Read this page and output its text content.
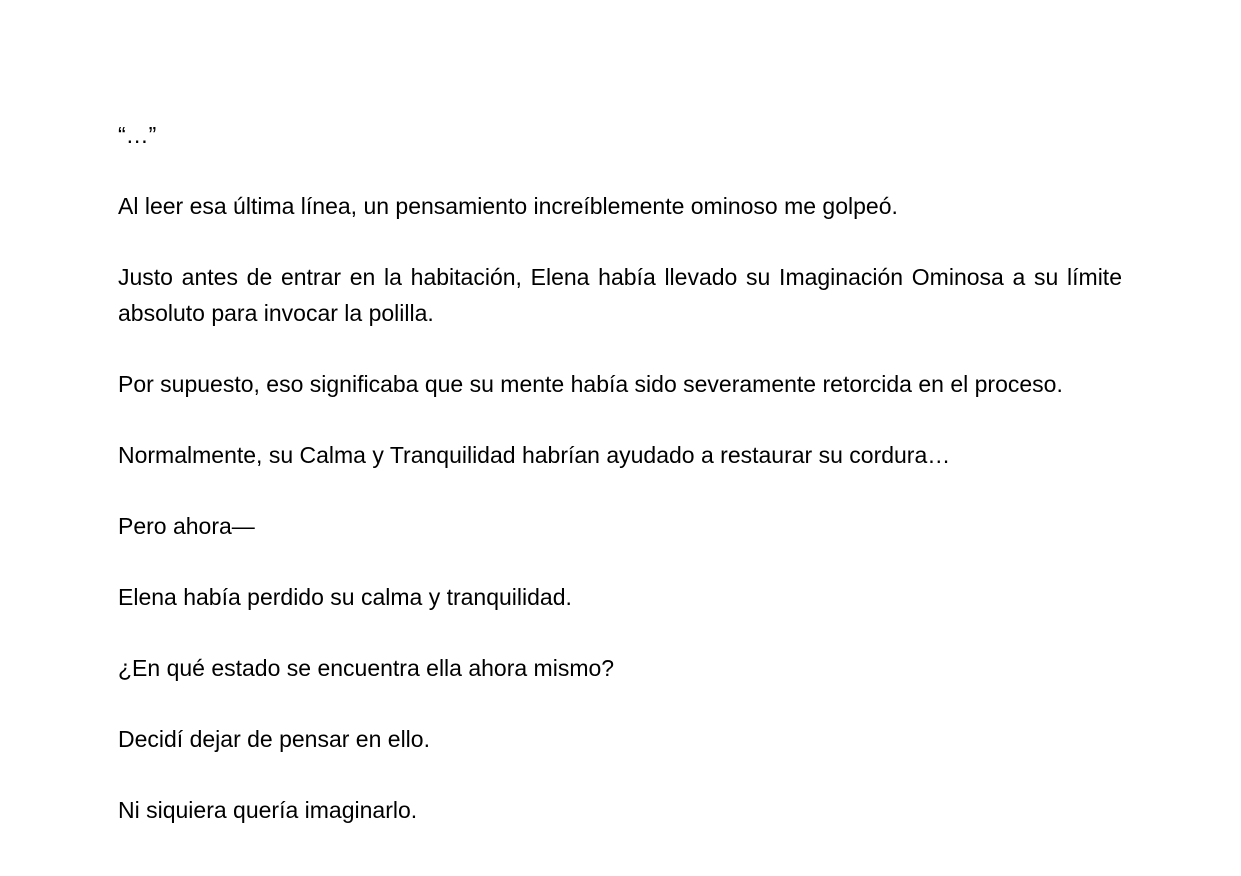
“…”

Al leer esa última línea, un pensamiento increíblemente ominoso me golpeó.

Justo antes de entrar en la habitación, Elena había llevado su Imaginación Ominosa a su límite absoluto para invocar la polilla.

Por supuesto, eso significaba que su mente había sido severamente retorcida en el proceso.

Normalmente, su Calma y Tranquilidad habrían ayudado a restaurar su cordura…

Pero ahora—

Elena había perdido su calma y tranquilidad.

¿En qué estado se encuentra ella ahora mismo?

Decidí dejar de pensar en ello.

Ni siquiera quería imaginarlo.
